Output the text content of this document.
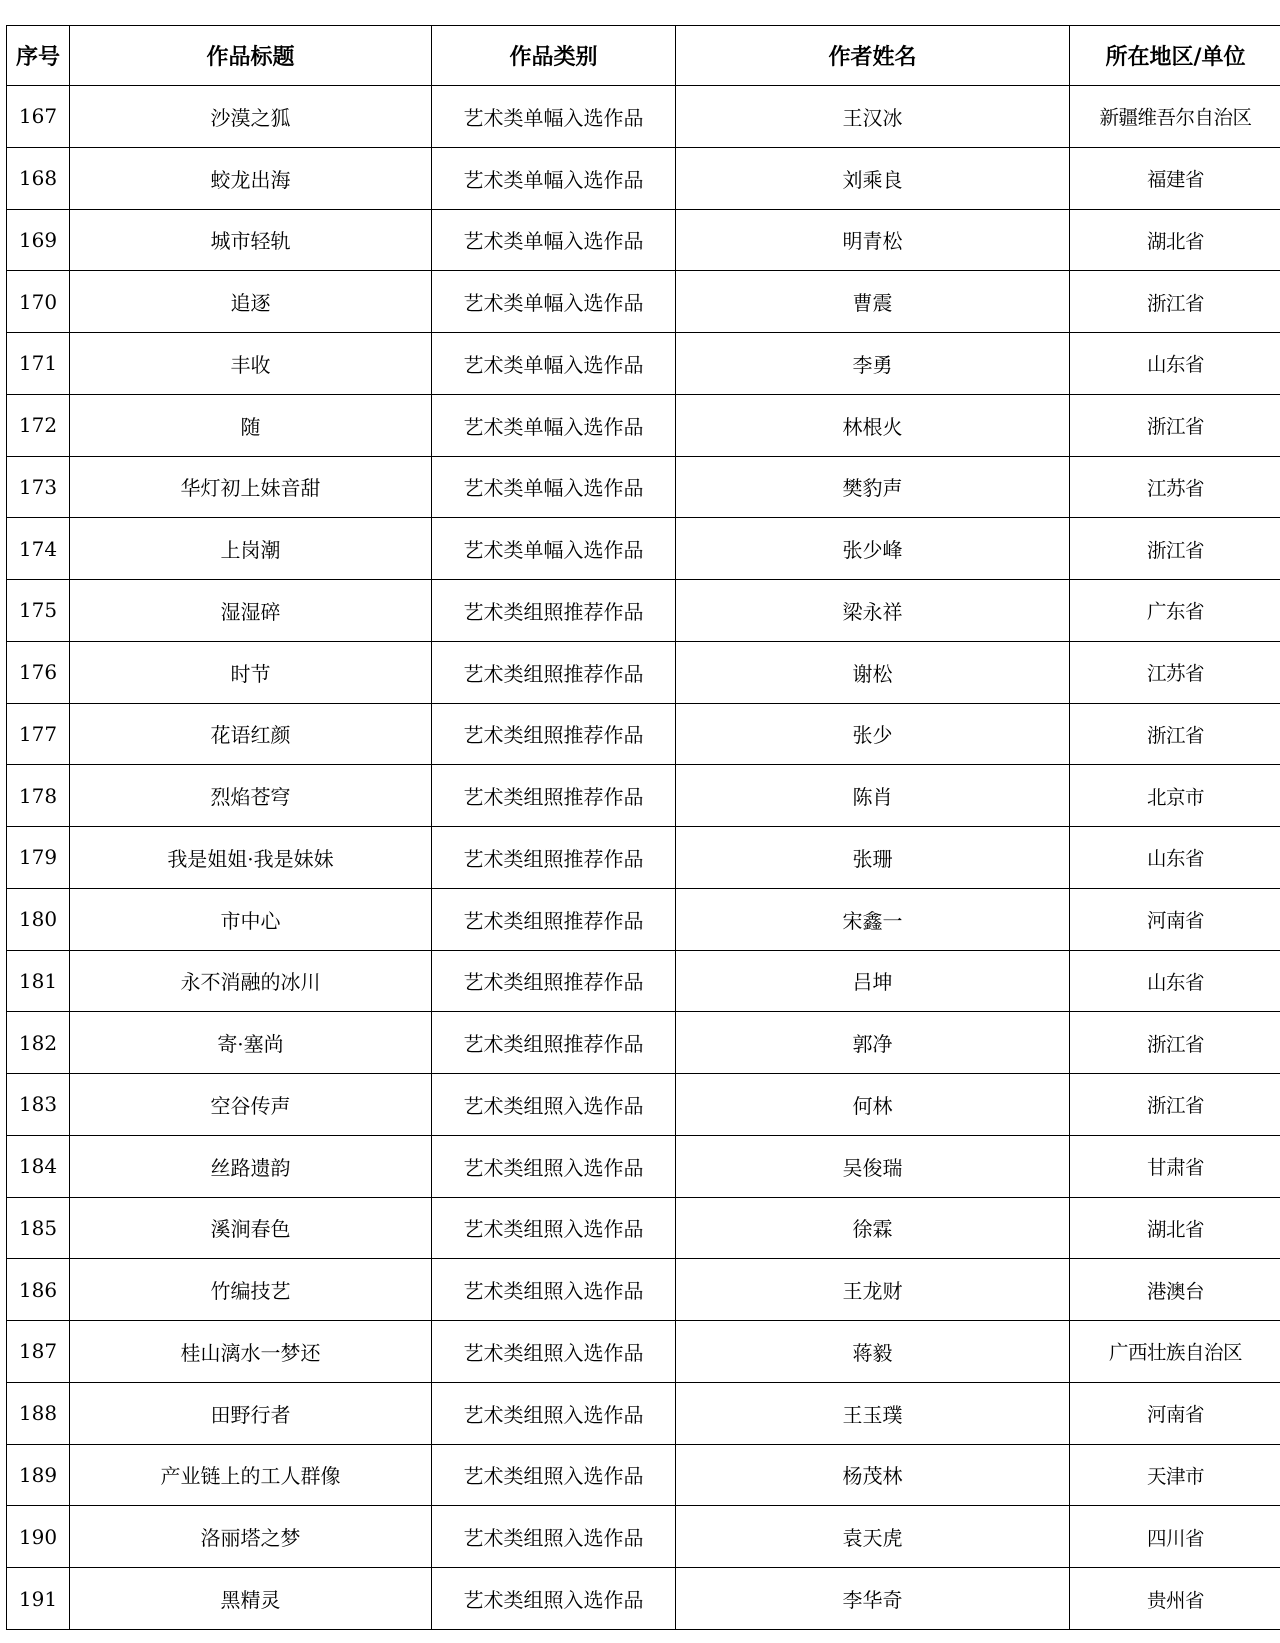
序号	作品标题	作品类别	作者姓名	所在地区/单位
167	沙漠之狐	艺术类单幅入选作品	王汉冰	新疆维吾尔自治区
168	蛟龙出海	艺术类单幅入选作品	刘乘良	福建省
169	城市轻轨	艺术类单幅入选作品	明青松	湖北省
170	追逐	艺术类单幅入选作品	曹震	浙江省
171	丰收	艺术类单幅入选作品	李勇	山东省
172	随	艺术类单幅入选作品	林根火	浙江省
173	华灯初上妹音甜	艺术类单幅入选作品	樊豹声	江苏省
174	上岗潮	艺术类单幅入选作品	张少峰	浙江省
175	湿湿碎	艺术类组照推荐作品	梁永祥	广东省
176	时节	艺术类组照推荐作品	谢松	江苏省
177	花语红颜	艺术类组照推荐作品	张少	浙江省
178	烈焰苍穹	艺术类组照推荐作品	陈肖	北京市
179	我是姐姐·我是妹妹	艺术类组照推荐作品	张珊	山东省
180	市中心	艺术类组照推荐作品	宋鑫一	河南省
181	永不消融的冰川	艺术类组照推荐作品	吕坤	山东省
182	寄·塞尚	艺术类组照推荐作品	郭净	浙江省
183	空谷传声	艺术类组照入选作品	何林	浙江省
184	丝路遗韵	艺术类组照入选作品	吴俊瑞	甘肃省
185	溪涧春色	艺术类组照入选作品	徐霖	湖北省
186	竹编技艺	艺术类组照入选作品	王龙财	港澳台
187	桂山漓水一梦还	艺术类组照入选作品	蒋毅	广西壮族自治区
188	田野行者	艺术类组照入选作品	王玉璞	河南省
189	产业链上的工人群像	艺术类组照入选作品	杨茂林	天津市
190	洛丽塔之梦	艺术类组照入选作品	袁天虎	四川省
191	黑精灵	艺术类组照入选作品	李华奇	贵州省
